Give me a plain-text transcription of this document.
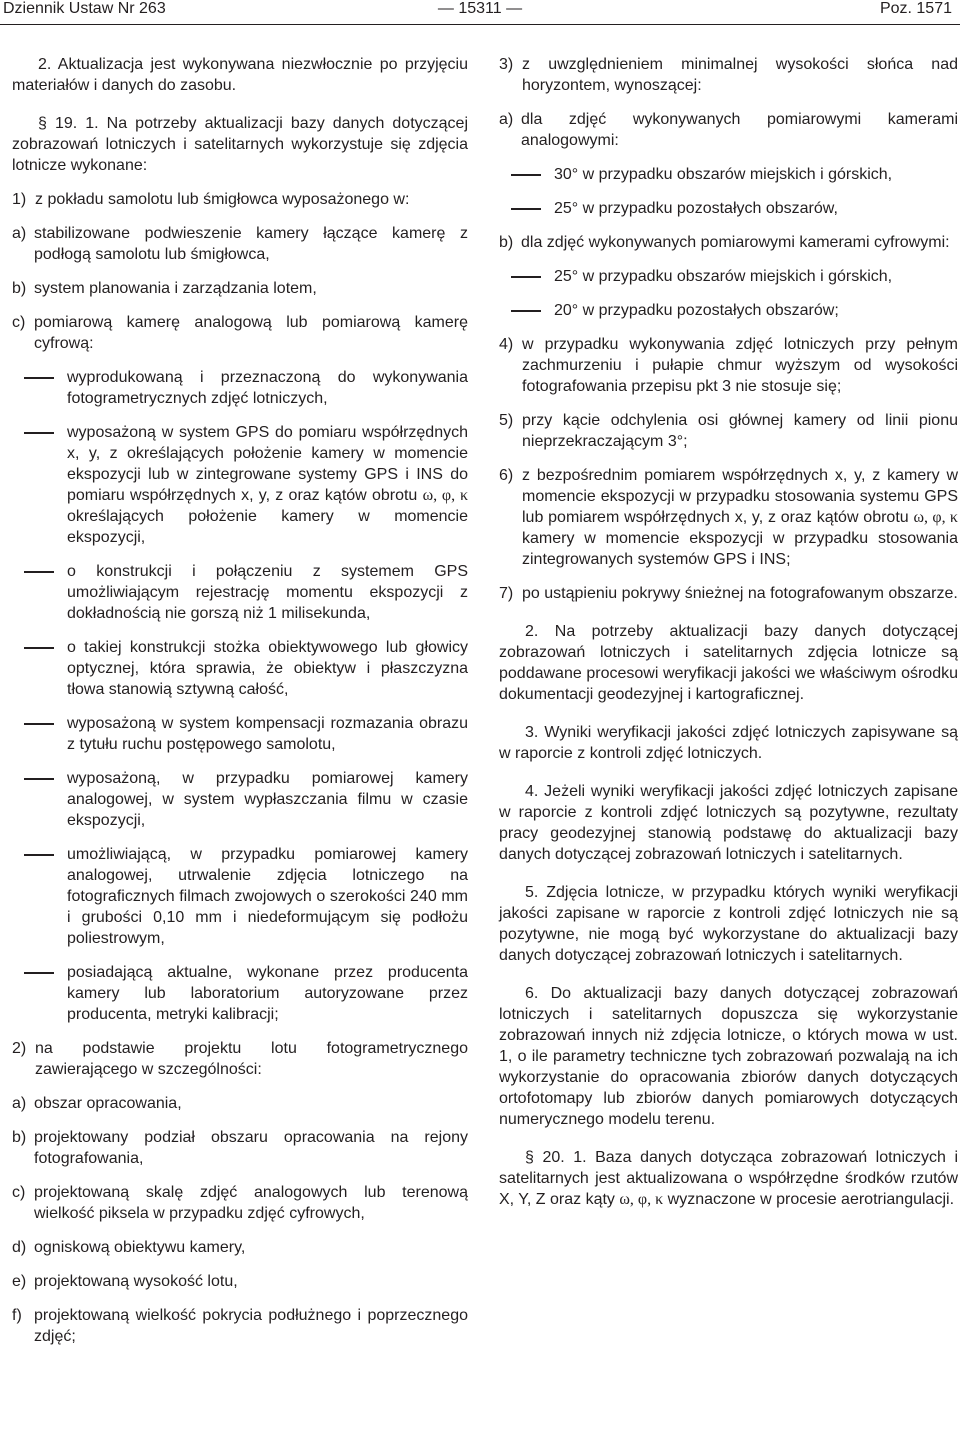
Dziennik Ustaw Nr 263	— 15311 —	Poz. 1571

2. Aktualizacja jest wykonywana niezwłocznie po przyjęciu materiałów i danych do zasobu.

§ 19. 1. Na potrzeby aktualizacji bazy danych dotyczącej zobrazowań lotniczych i satelitarnych wykorzystuje się zdjęcia lotnicze wykonane:

1) z pokładu samolotu lub śmigłowca wyposażonego w:
a) stabilizowane podwieszenie kamery łączące kamerę z podłogą samolotu lub śmigłowca,
b) system planowania i zarządzania lotem,
c) pomiarową kamerę analogową lub pomiarową kamerę cyfrową:
wyprodukowaną i przeznaczoną do wykonywania fotogrametrycznych zdjęć lotniczych,
wyposażoną w system GPS do pomiaru współrzędnych x, y, z określających położenie kamery w momencie ekspozycji lub w zintegrowane systemy GPS i INS do pomiaru współrzędnych x, y, z oraz kątów obrotu ω, φ, κ określających położenie kamery w momencie ekspozycji,
o konstrukcji i połączeniu z systemem GPS umożliwiającym rejestrację momentu ekspozycji z dokładnością nie gorszą niż 1 milisekunda,
o takiej konstrukcji stożka obiektywowego lub głowicy optycznej, która sprawia, że obiektyw i płaszczyzna tłowa stanowią sztywną całość,
wyposażoną w system kompensacji rozmazania obrazu z tytułu ruchu postępowego samolotu,
wyposażoną, w przypadku pomiarowej kamery analogowej, w system wypłaszczania filmu w czasie ekspozycji,
umożliwiającą, w przypadku pomiarowej kamery analogowej, utrwalenie zdjęcia lotniczego na fotograficznych filmach zwojowych o szerokości 240 mm i grubości 0,10 mm i niedeformującym się podłożu poliestrowym,
posiadającą aktualne, wykonane przez producenta kamery lub laboratorium autoryzowane przez producenta, metryki kalibracji;
2) na podstawie projektu lotu fotogrametrycznego zawierającego w szczególności:
a) obszar opracowania,
b) projektowany podział obszaru opracowania na rejony fotografowania,
c) projektowaną skalę zdjęć analogowych lub terenową wielkość piksela w przypadku zdjęć cyfrowych,
d) ogniskową obiektywu kamery,
e) projektowaną wysokość lotu,
f) projektowaną wielkość pokrycia podłużnego i poprzecznego zdjęć;
3) z uwzględnieniem minimalnej wysokości słońca nad horyzontem, wynoszącej:
a) dla zdjęć wykonywanych pomiarowymi kamerami analogowymi:
30° w przypadku obszarów miejskich i górskich,
25° w przypadku pozostałych obszarów,
b) dla zdjęć wykonywanych pomiarowymi kamerami cyfrowymi:
25° w przypadku obszarów miejskich i górskich,
20° w przypadku pozostałych obszarów;
4) w przypadku wykonywania zdjęć lotniczych przy pełnym zachmurzeniu i pułapie chmur wyższym od wysokości fotografowania przepisu pkt 3 nie stosuje się;
5) przy kącie odchylenia osi głównej kamery od linii pionu nieprzekraczającym 3°;
6) z bezpośrednim pomiarem współrzędnych x, y, z kamery w momencie ekspozycji w przypadku stosowania systemu GPS lub pomiarem współrzędnych x, y, z oraz kątów obrotu ω, φ, κ kamery w momencie ekspozycji w przypadku stosowania zintegrowanych systemów GPS i INS;
7) po ustąpieniu pokrywy śnieżnej na fotografowanym obszarze.

2. Na potrzeby aktualizacji bazy danych dotyczącej zobrazowań lotniczych i satelitarnych zdjęcia lotnicze są poddawane procesowi weryfikacji jakości we właściwym ośrodku dokumentacji geodezyjnej i kartograficznej.

3. Wyniki weryfikacji jakości zdjęć lotniczych zapisywane są w raporcie z kontroli zdjęć lotniczych.

4. Jeżeli wyniki weryfikacji jakości zdjęć lotniczych zapisane w raporcie z kontroli zdjęć lotniczych są pozytywne, rezultaty pracy geodezyjnej stanowią podstawę do aktualizacji bazy danych dotyczącej zobrazowań lotniczych i satelitarnych.

5. Zdjęcia lotnicze, w przypadku których wyniki weryfikacji jakości zapisane w raporcie z kontroli zdjęć lotniczych nie są pozytywne, nie mogą być wykorzystane do aktualizacji bazy danych dotyczącej zobrazowań lotniczych i satelitarnych.

6. Do aktualizacji bazy danych dotyczącej zobrazowań lotniczych i satelitarnych dopuszcza się wykorzystanie zobrazowań innych niż zdjęcia lotnicze, o których mowa w ust. 1, o ile parametry techniczne tych zobrazowań pozwalają na ich wykorzystanie do opracowania zbiorów danych dotyczących ortofotomapy lub zbiorów danych pomiarowych dotyczących numerycznego modelu terenu.

§ 20. 1. Baza danych dotycząca zobrazowań lotniczych i satelitarnych jest aktualizowana o współrzędne środków rzutów X, Y, Z oraz kąty ω, φ, κ wyznaczone w procesie aerotriangulacji.
